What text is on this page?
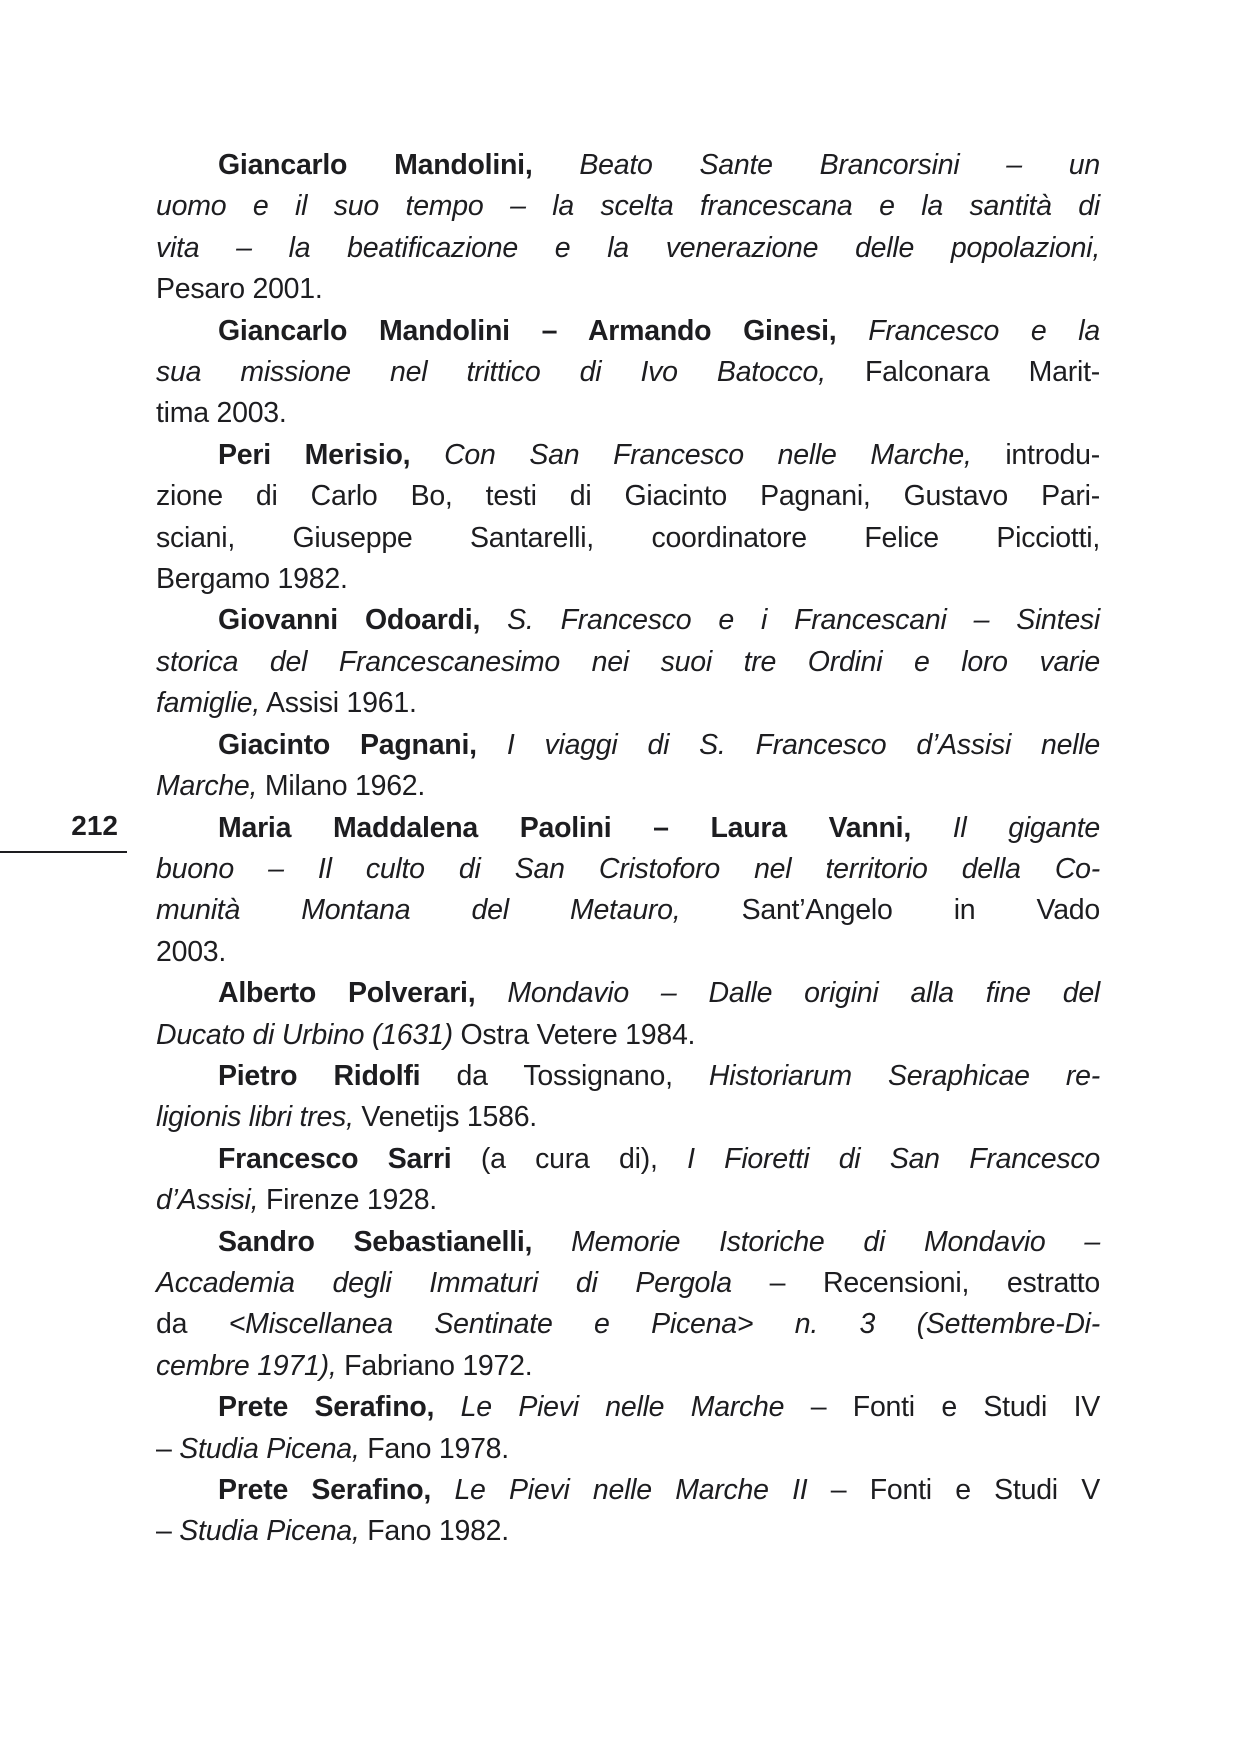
212
Giancarlo Mandolini, Beato Sante Brancorsini – un
uomo e il suo tempo – la scelta francescana e la santità di
vita – la beatificazione e la venerazione delle popolazioni,
Pesaro 2001.
Giancarlo Mandolini – Armando Ginesi, Francesco e la
sua missione nel trittico di Ivo Batocco, Falconara Marit-
tima 2003.
Peri Merisio, Con San Francesco nelle Marche, introdu-
zione di Carlo Bo, testi di Giacinto Pagnani, Gustavo Pari-
sciani, Giuseppe Santarelli, coordinatore Felice Picciotti,
Bergamo 1982.
Giovanni Odoardi, S. Francesco e i Francescani – Sintesi
storica del Francescanesimo nei suoi tre Ordini e loro varie
famiglie, Assisi 1961.
Giacinto Pagnani, I viaggi di S. Francesco d’Assisi nelle
Marche, Milano 1962.
Maria Maddalena Paolini – Laura Vanni, Il gigante
buono – Il culto di San Cristoforo nel territorio della Co-
munità Montana del Metauro, Sant’Angelo in Vado
2003.
Alberto Polverari, Mondavio – Dalle origini alla fine del
Ducato di Urbino (1631) Ostra Vetere 1984.
Pietro Ridolfi da Tossignano, Historiarum Seraphicae re-
ligionis libri tres, Venetijs 1586.
Francesco Sarri (a cura di), I Fioretti di San Francesco
d’Assisi, Firenze 1928.
Sandro Sebastianelli, Memorie Istoriche di Mondavio –
Accademia degli Immaturi di Pergola – Recensioni, estratto
da <Miscellanea Sentinate e Picena> n. 3 (Settembre-Di-
cembre 1971), Fabriano 1972.
Prete Serafino, Le Pievi nelle Marche – Fonti e Studi IV
– Studia Picena, Fano 1978.
Prete Serafino, Le Pievi nelle Marche II – Fonti e Studi V
– Studia Picena, Fano 1982.
